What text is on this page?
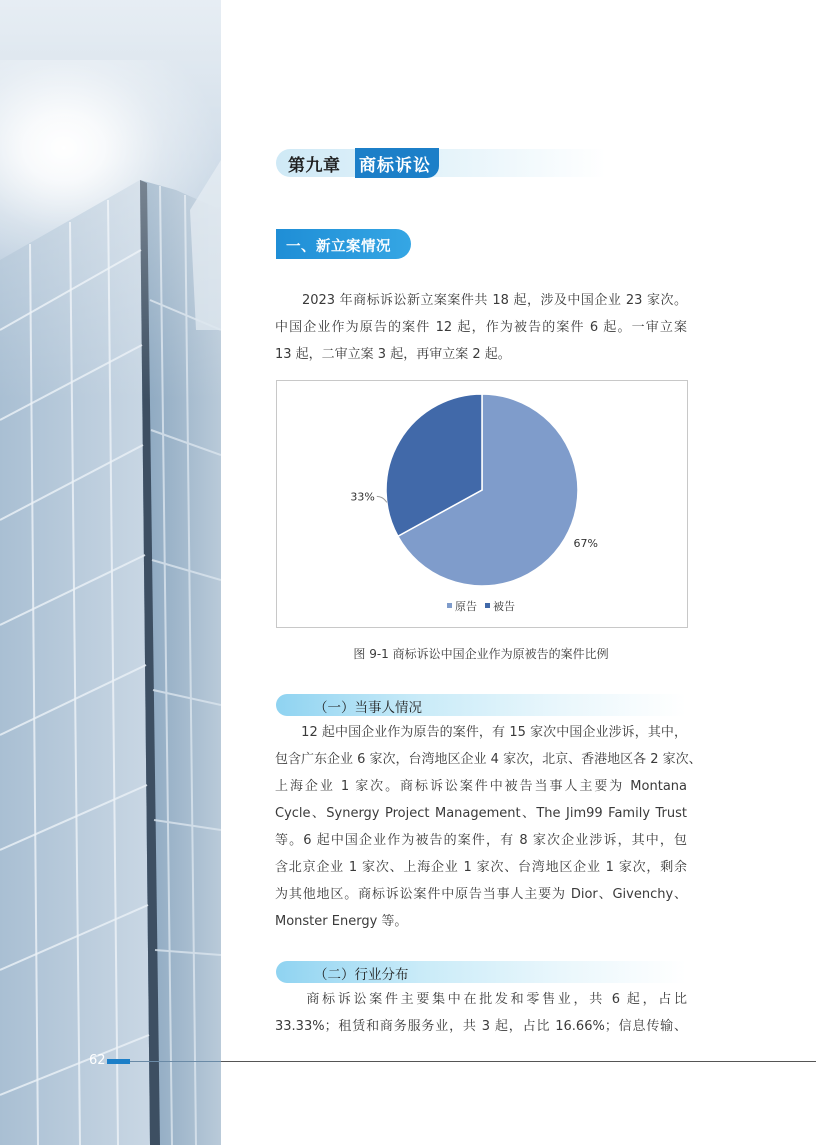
第九章 商标诉讼
一、新立案情况

　　2023 年商标诉讼新立案案件共 18 起，涉及中国企业 23 家次。
中国企业作为原告的案件 12 起，作为被告的案件 6 起。一审立案
13 起，二审立案 3 起，再审立案 2 起。

67%
33%
原告 被告
图 9-1 商标诉讼中国企业作为原被告的案件比例
（一）当事人情况

　　12 起中国企业作为原告的案件，有 15 家次中国企业涉诉，其中，
包含广东企业 6 家次，台湾地区企业 4 家次，北京、香港地区各 2 家次、
上海企业 1 家次。商标诉讼案件中被告当事人主要为 Montana
Cycle、Synergy Project Management、The Jim99 Family Trust
等。6 起中国企业作为被告的案件，有 8 家次企业涉诉，其中，包
含北京企业 1 家次、上海企业 1 家次、台湾地区企业 1 家次，剩余
为其他地区。商标诉讼案件中原告当事人主要为 Dior、Givenchy、
Monster Energy 等。

（二）行业分布

　　商标诉讼案件主要集中在批发和零售业，共 6 起，占比
33.33%；租赁和商务服务业，共 3 起，占比 16.66%；信息传输、

62
